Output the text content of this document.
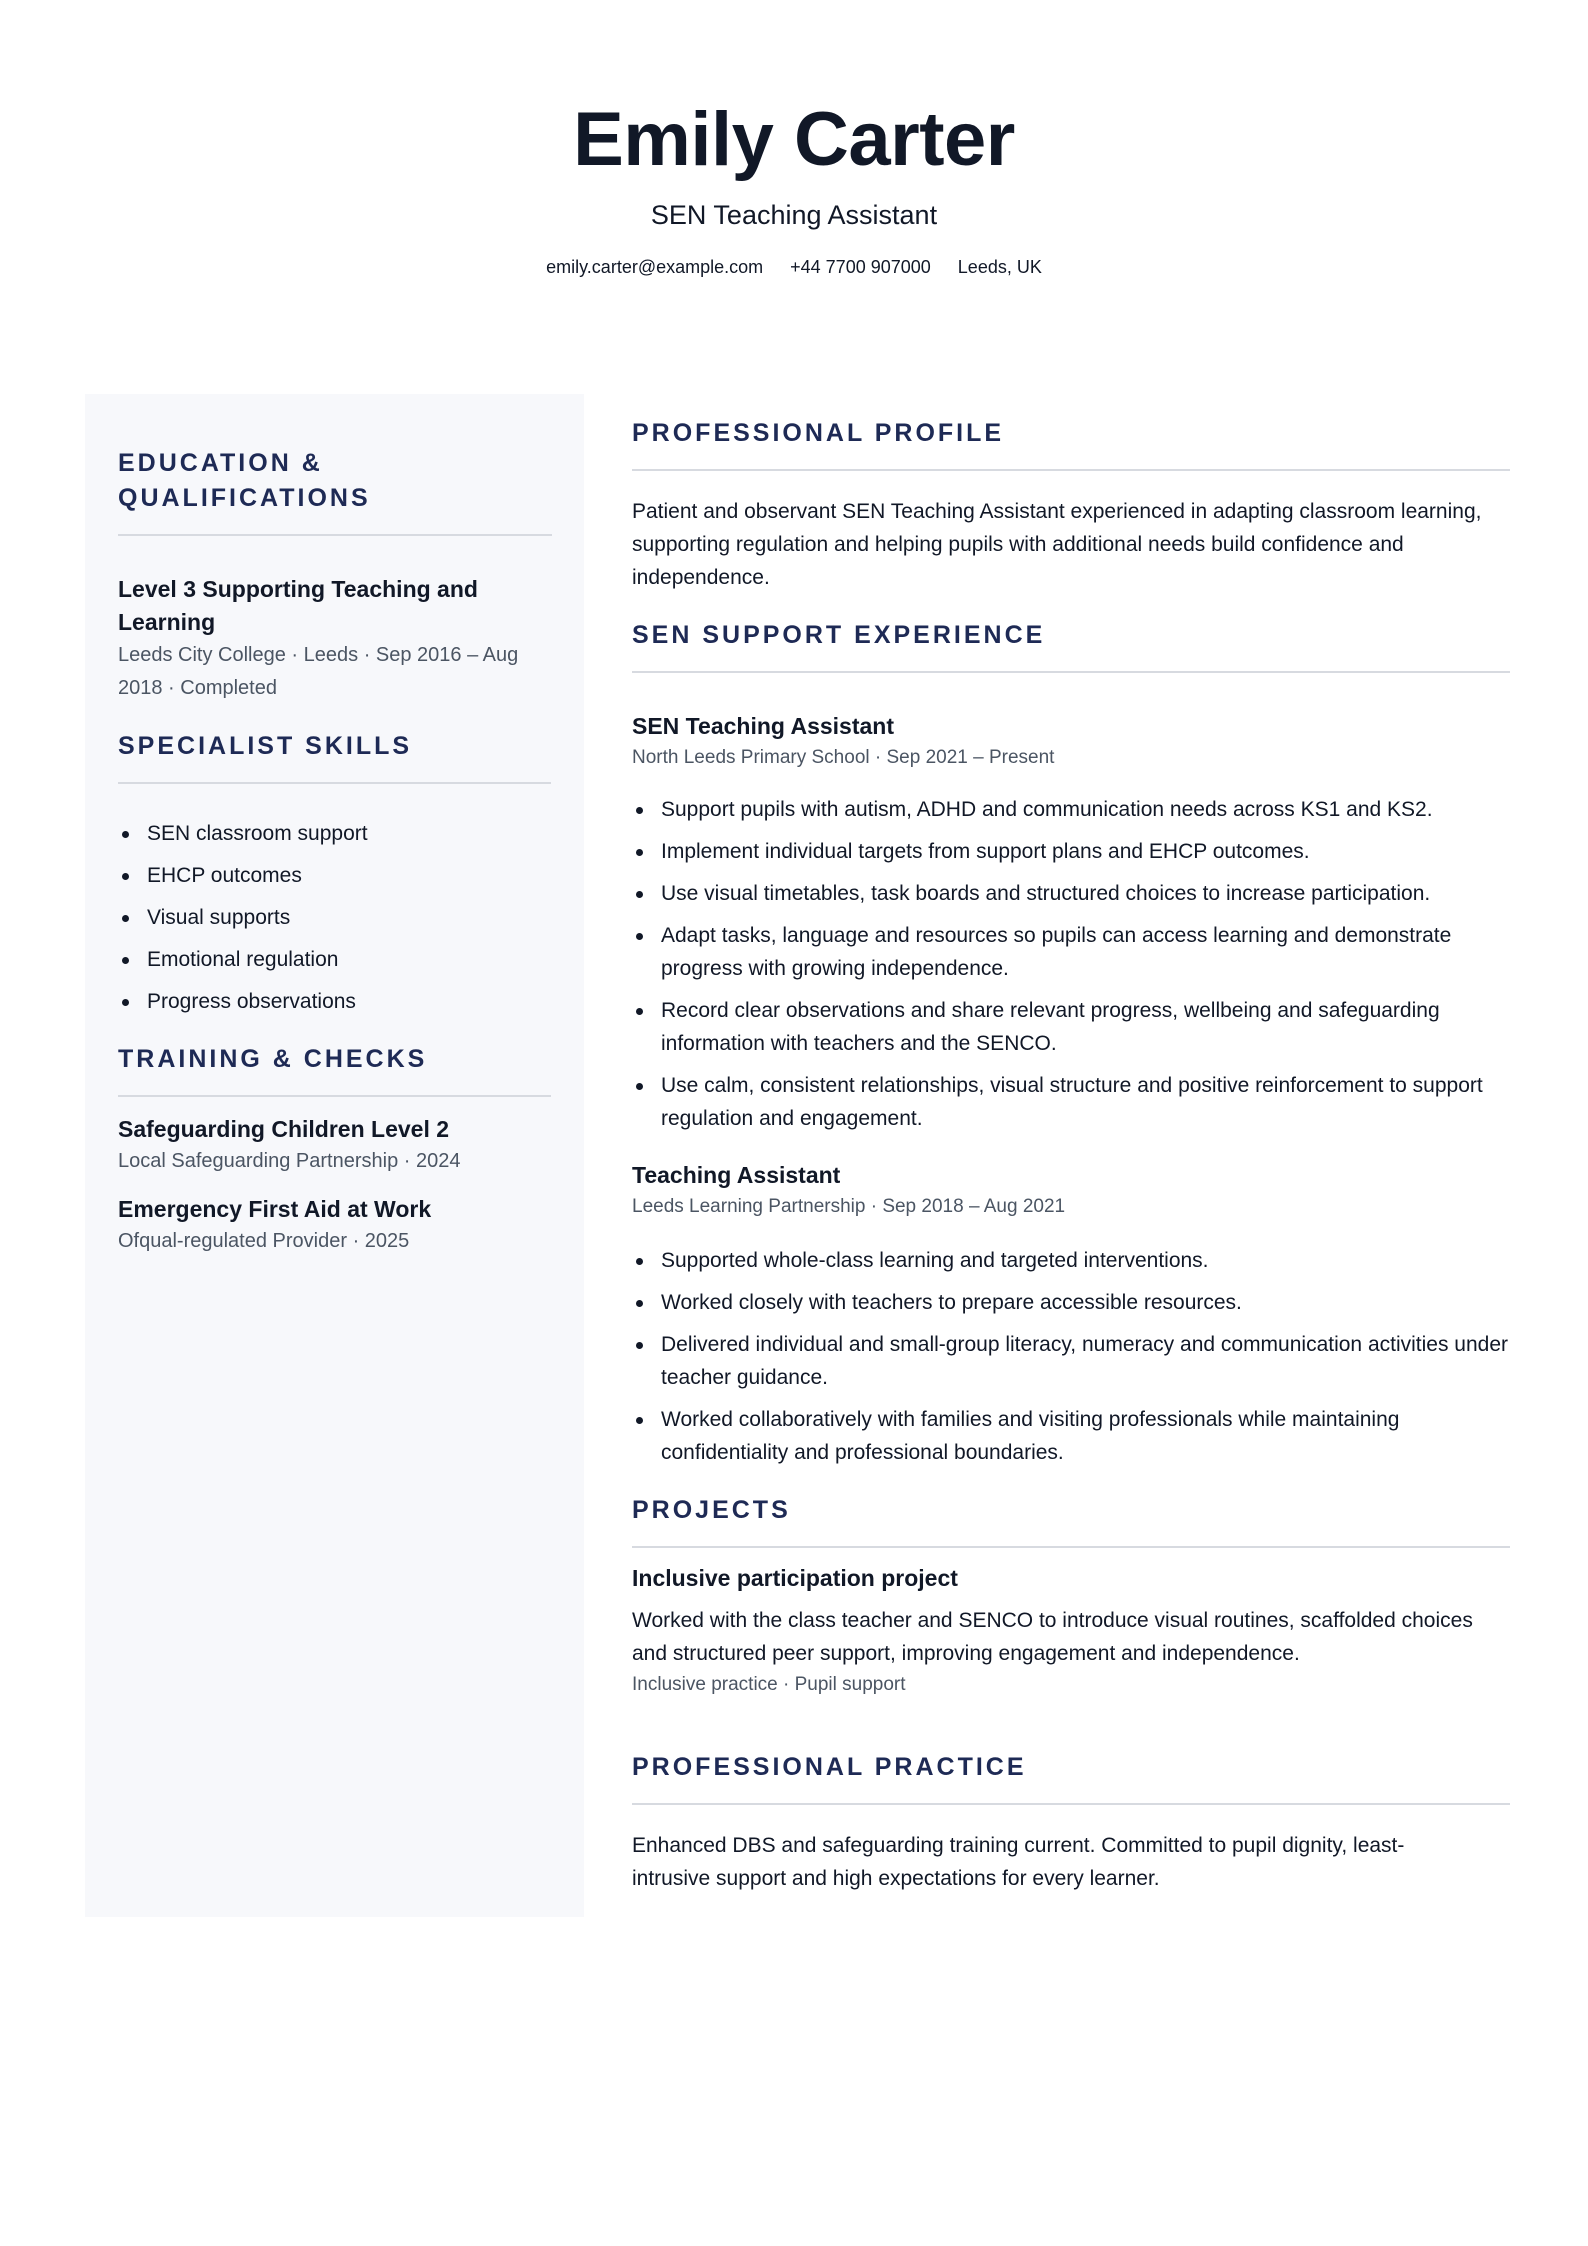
Emily Carter
SEN Teaching Assistant
emily.carter@example.com +44 7700 907000 Leeds, UK
EDUCATION & QUALIFICATIONS
Level 3 Supporting Teaching and Learning
Leeds City College · Leeds · Sep 2016 – Aug 2018 · Completed
SPECIALIST SKILLS
SEN classroom support
EHCP outcomes
Visual supports
Emotional regulation
Progress observations
TRAINING & CHECKS
Safeguarding Children Level 2
Local Safeguarding Partnership · 2024
Emergency First Aid at Work
Ofqual-regulated Provider · 2025
PROFESSIONAL PROFILE
Patient and observant SEN Teaching Assistant experienced in adapting classroom learning, supporting regulation and helping pupils with additional needs build confidence and independence.
SEN SUPPORT EXPERIENCE
SEN Teaching Assistant
North Leeds Primary School · Sep 2021 – Present
Support pupils with autism, ADHD and communication needs across KS1 and KS2.
Implement individual targets from support plans and EHCP outcomes.
Use visual timetables, task boards and structured choices to increase participation.
Adapt tasks, language and resources so pupils can access learning and demonstrate progress with growing independence.
Record clear observations and share relevant progress, wellbeing and safeguarding information with teachers and the SENCO.
Use calm, consistent relationships, visual structure and positive reinforcement to support regulation and engagement.
Teaching Assistant
Leeds Learning Partnership · Sep 2018 – Aug 2021
Supported whole-class learning and targeted interventions.
Worked closely with teachers to prepare accessible resources.
Delivered individual and small-group literacy, numeracy and communication activities under teacher guidance.
Worked collaboratively with families and visiting professionals while maintaining confidentiality and professional boundaries.
PROJECTS
Inclusive participation project
Worked with the class teacher and SENCO to introduce visual routines, scaffolded choices and structured peer support, improving engagement and independence.
Inclusive practice · Pupil support
PROFESSIONAL PRACTICE
Enhanced DBS and safeguarding training current. Committed to pupil dignity, least-intrusive support and high expectations for every learner.
